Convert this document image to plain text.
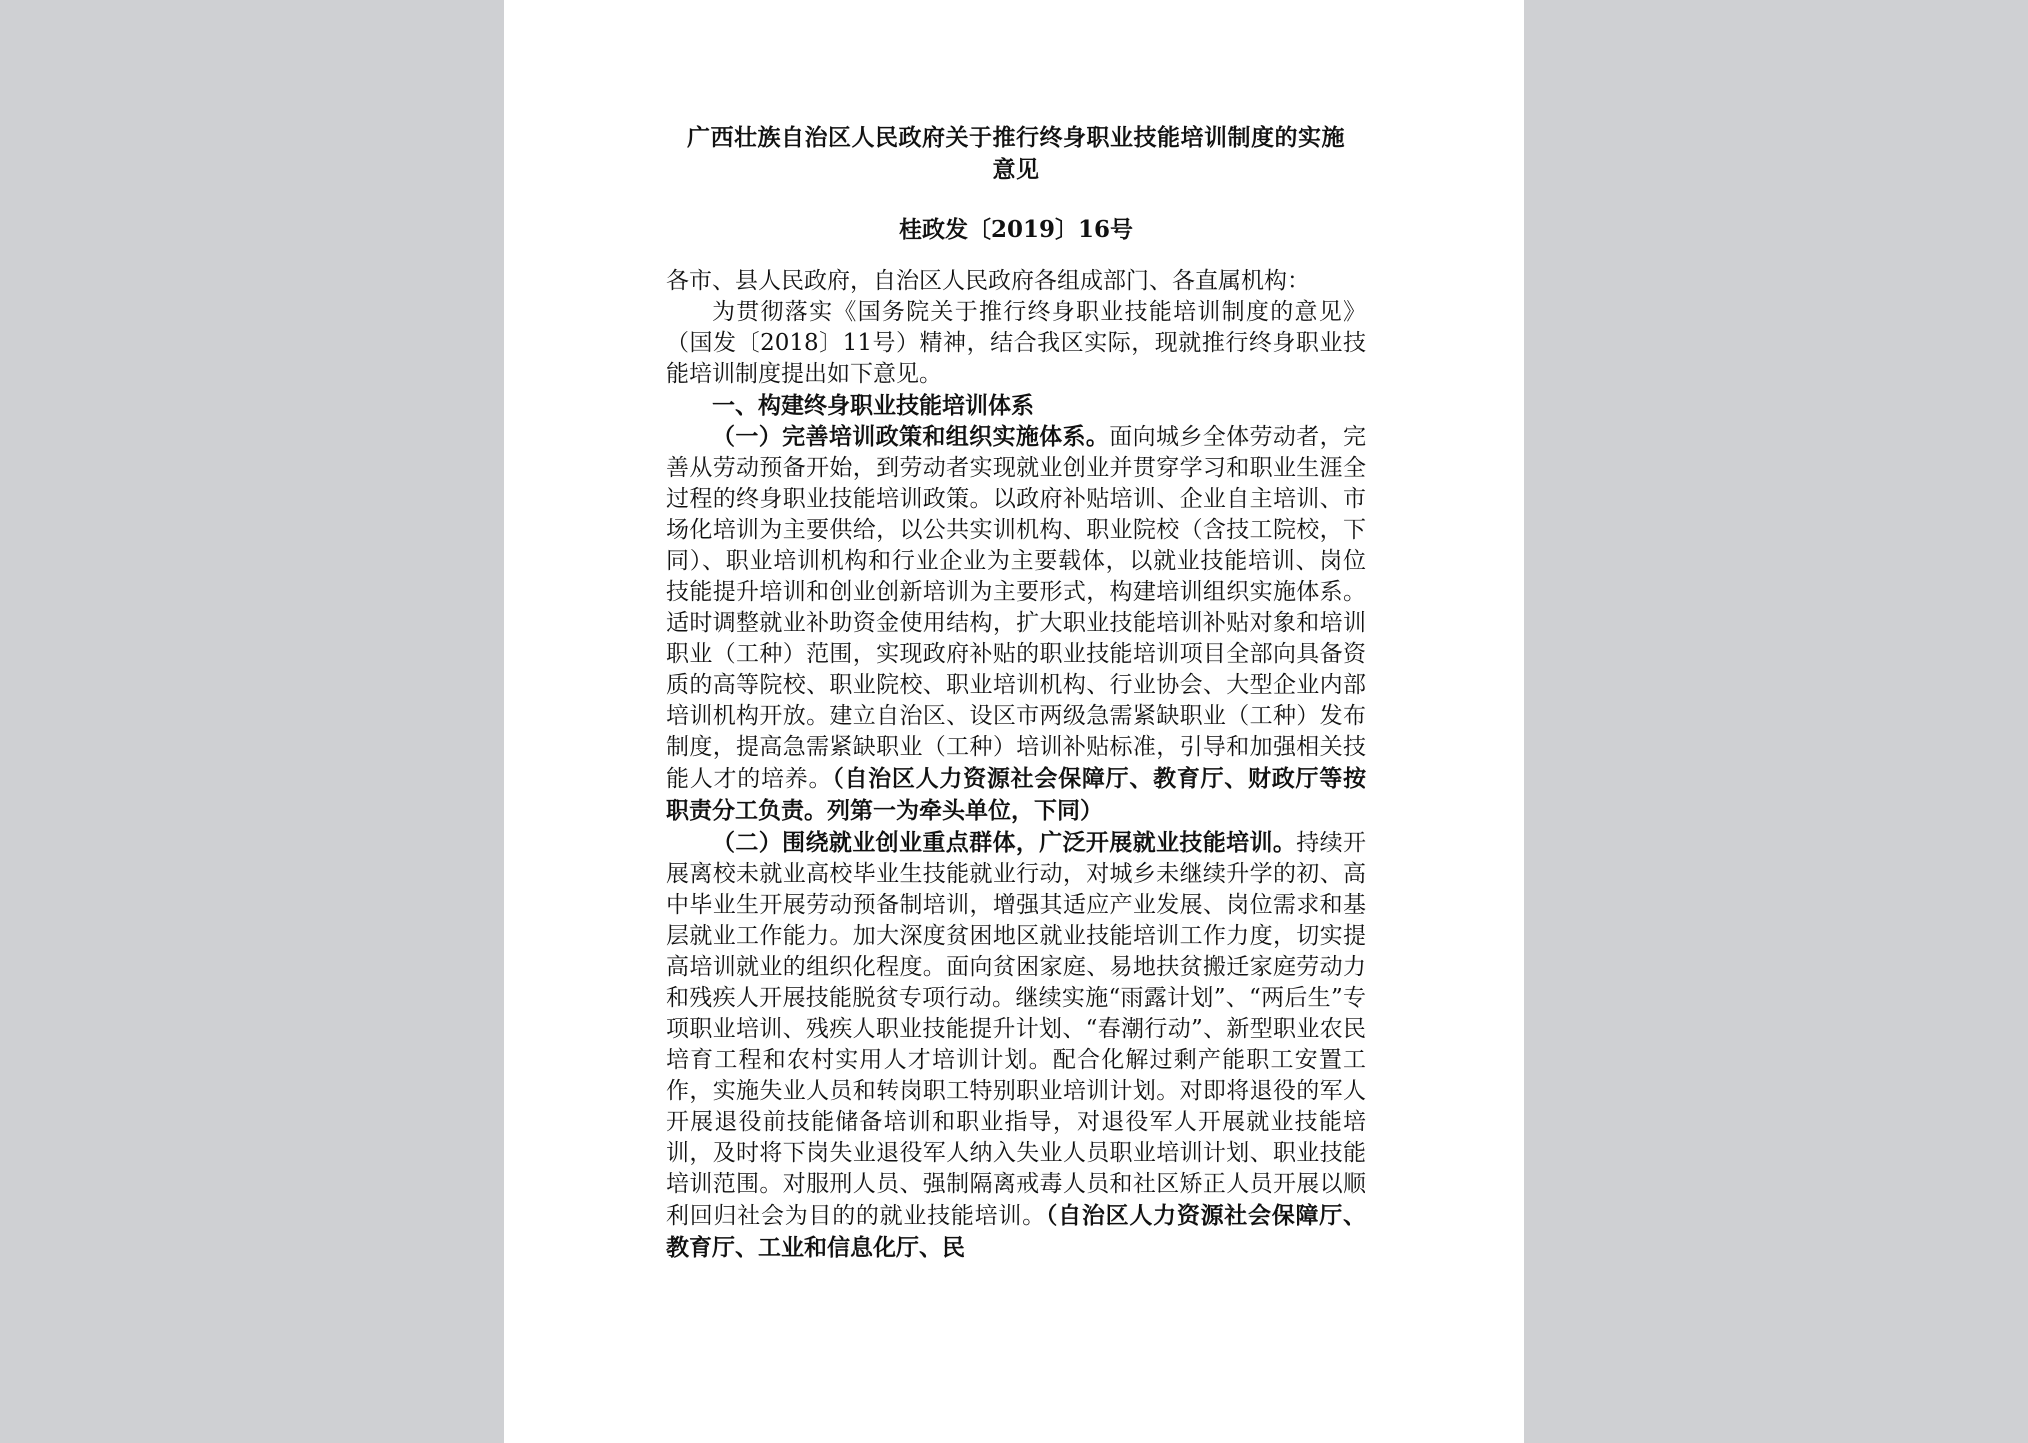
广西壮族自治区人民政府关于推行终身职业技能培训制度的实施
意见
桂政发〔2019〕16号

各市、县人民政府，自治区人民政府各组成部门、各直属机构：

为贯彻落实《国务院关于推行终身职业技能培训制度的意见》（国发〔2018〕11号）精神，结合我区实际，现就推行终身职业技能培训制度提出如下意见。

一、构建终身职业技能培训体系

（一）完善培训政策和组织实施体系。面向城乡全体劳动者，完善从劳动预备开始，到劳动者实现就业创业并贯穿学习和职业生涯全过程的终身职业技能培训政策。以政府补贴培训、企业自主培训、市场化培训为主要供给，以公共实训机构、职业院校（含技工院校，下同）、职业培训机构和行业企业为主要载体，以就业技能培训、岗位技能提升培训和创业创新培训为主要形式，构建培训组织实施体系。适时调整就业补助资金使用结构，扩大职业技能培训补贴对象和培训职业（工种）范围，实现政府补贴的职业技能培训项目全部向具备资质的高等院校、职业院校、职业培训机构、行业协会、大型企业内部培训机构开放。建立自治区、设区市两级急需紧缺职业（工种）发布制度，提高急需紧缺职业（工种）培训补贴标准，引导和加强相关技能人才的培养。（自治区人力资源社会保障厅、教育厅、财政厅等按职责分工负责。列第一为牵头单位，下同）

（二）围绕就业创业重点群体，广泛开展就业技能培训。持续开展离校未就业高校毕业生技能就业行动，对城乡未继续升学的初、高中毕业生开展劳动预备制培训，增强其适应产业发展、岗位需求和基层就业工作能力。加大深度贫困地区就业技能培训工作力度，切实提高培训就业的组织化程度。面向贫困家庭、易地扶贫搬迁家庭劳动力和残疾人开展技能脱贫专项行动。继续实施“雨露计划”、“两后生”专项职业培训、残疾人职业技能提升计划、“春潮行动”、新型职业农民培育工程和农村实用人才培训计划。配合化解过剩产能职工安置工作，实施失业人员和转岗职工特别职业培训计划。对即将退役的军人开展退役前技能储备培训和职业指导，对退役军人开展就业技能培训，及时将下岗失业退役军人纳入失业人员职业培训计划、职业技能培训范围。对服刑人员、强制隔离戒毒人员和社区矫正人员开展以顺利回归社会为目的的就业技能培训。（自治区人力资源社会保障厅、教育厅、工业和信息化厅、民
